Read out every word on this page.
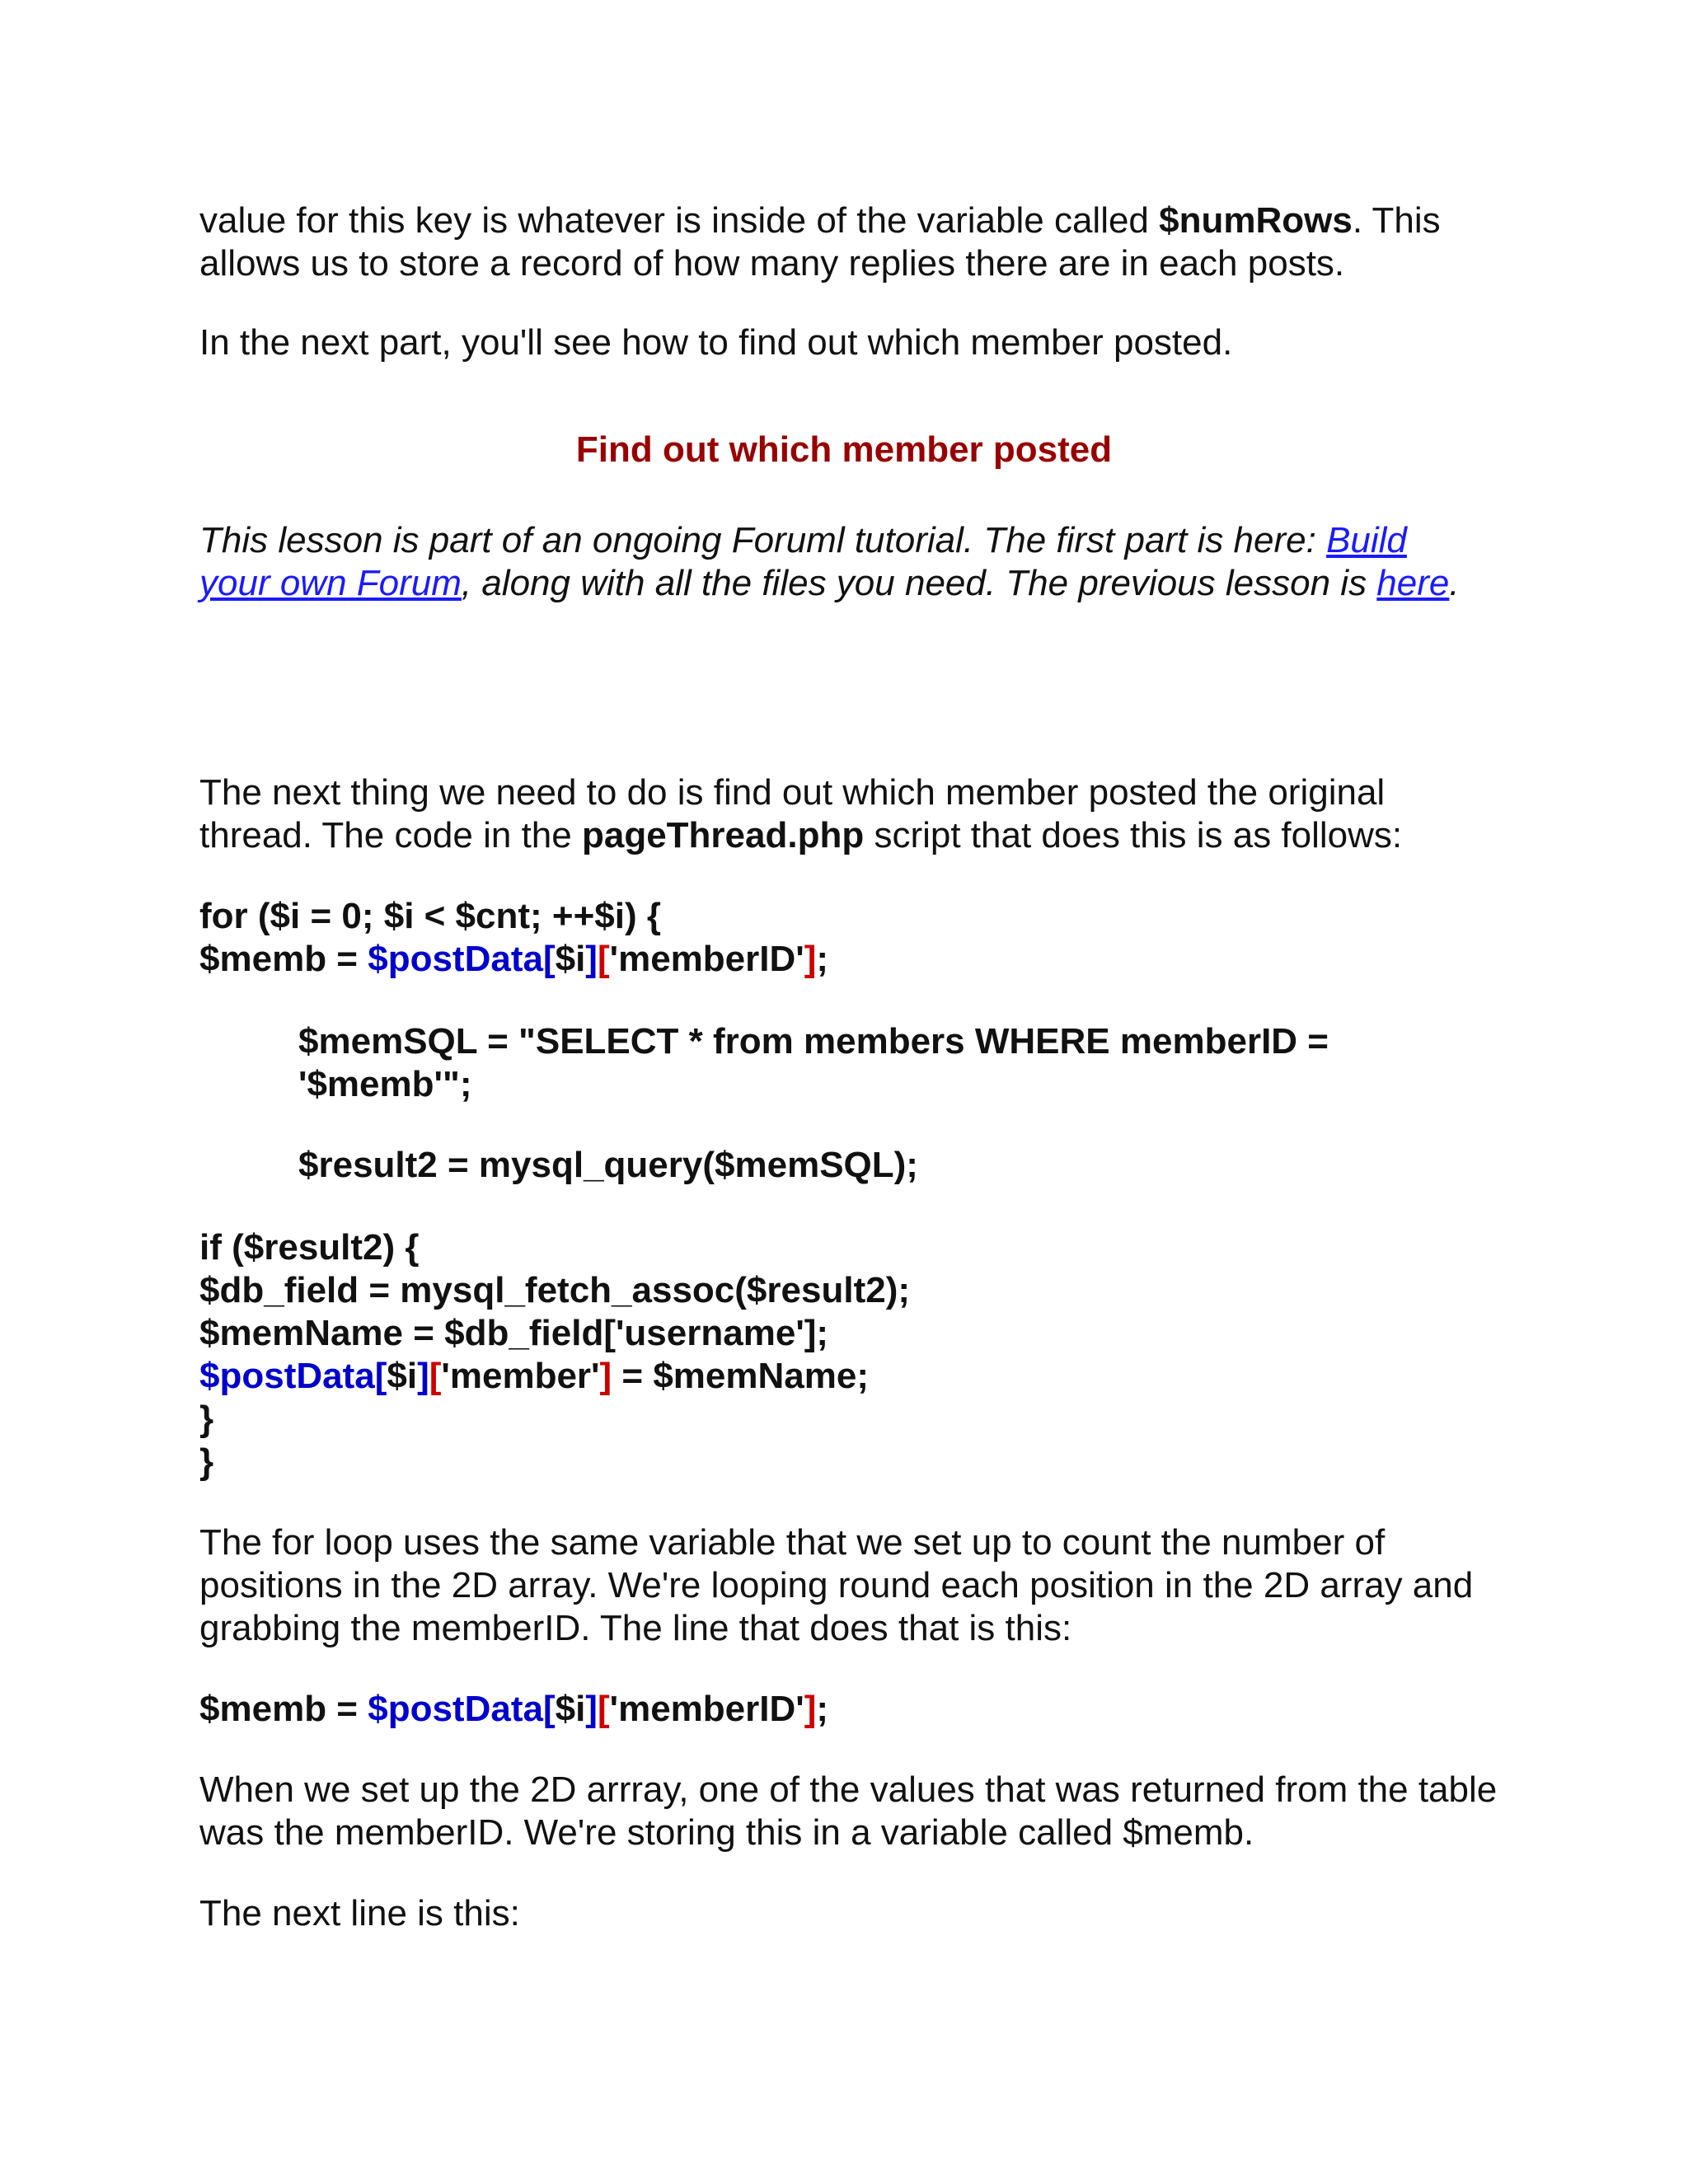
value for this key is whatever is inside of the variable called $numRows. This allows us to store a record of how many replies there are in each posts.

In the next part, you'll see how to find out which member posted.

Find out which member posted

This lesson is part of an ongoing Foruml tutorial. The first part is here: Build your own Forum, along with all the files you need. The previous lesson is here.

The next thing we need to do is find out which member posted the original thread. The code in the pageThread.php script that does this is as follows:

for ($i = 0; $i < $cnt; ++$i) {
$memb = $postData[$i]['memberID'];
$memSQL = "SELECT * from members WHERE memberID =
'$memb'";
$result2 = mysql_query($memSQL);
if ($result2) {
$db_field = mysql_fetch_assoc($result2);
$memName = $db_field['username'];
$postData[$i]['member'] = $memName;
}
}

The for loop uses the same variable that we set up to count the number of positions in the 2D array. We're looping round each position in the 2D array and grabbing the memberID. The line that does that is this:

$memb = $postData[$i]['memberID'];

When we set up the 2D arrray, one of the values that was returned from the table was the memberID. We're storing this in a variable called $memb.

The next line is this:
